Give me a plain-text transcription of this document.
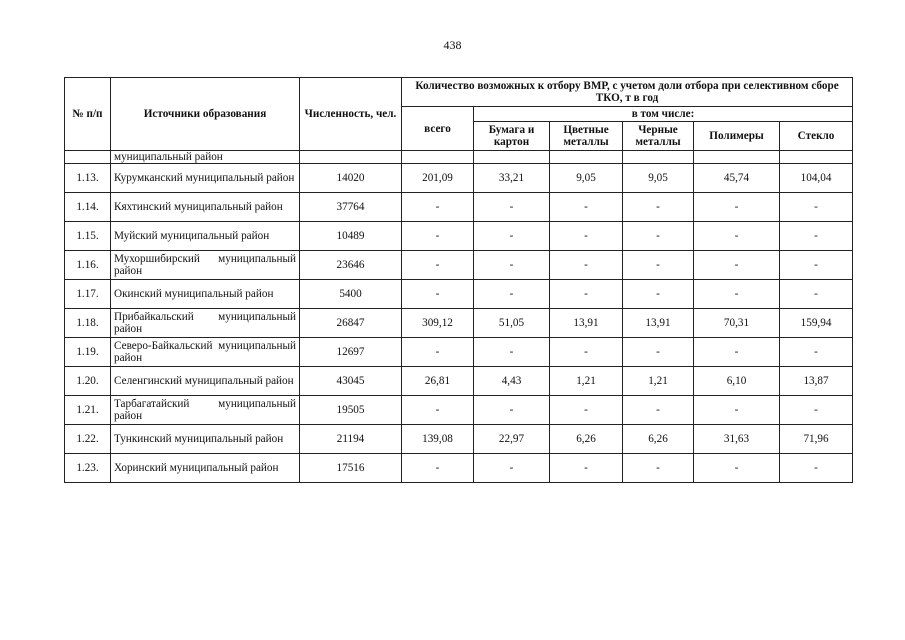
438
№ п/п	Источники образования	Численность, чел.	Количество возможных к отбору ВМР, с учетом доли отбора при селективном сборе ТКО, т в год					
			всего	в том числе:				
				Бумага и картон	Цветные металлы	Черные металлы	Полимеры	Стекло
	муниципальный район							
1.13.	Курумканский муниципальный район	14020	201,09	33,21	9,05	9,05	45,74	104,04
1.14.	Кяхтинский муниципальный район	37764	-	-	-	-	-	-
1.15.	Муйский муниципальный район	10489	-	-	-	-	-	-
1.16.	Мухоршибирский муниципальный район	23646	-	-	-	-	-	-
1.17.	Окинский муниципальный район	5400	-	-	-	-	-	-
1.18.	Прибайкальский муниципальный район	26847	309,12	51,05	13,91	13,91	70,31	159,94
1.19.	Северо-Байкальский муниципальный район	12697	-	-	-	-	-	-
1.20.	Селенгинский муниципальный район	43045	26,81	4,43	1,21	1,21	6,10	13,87
1.21.	Тарбагатайский муниципальный район	19505	-	-	-	-	-	-
1.22.	Тункинский муниципальный район	21194	139,08	22,97	6,26	6,26	31,63	71,96
1.23.	Хоринский муниципальный район	17516	-	-	-	-	-	-
